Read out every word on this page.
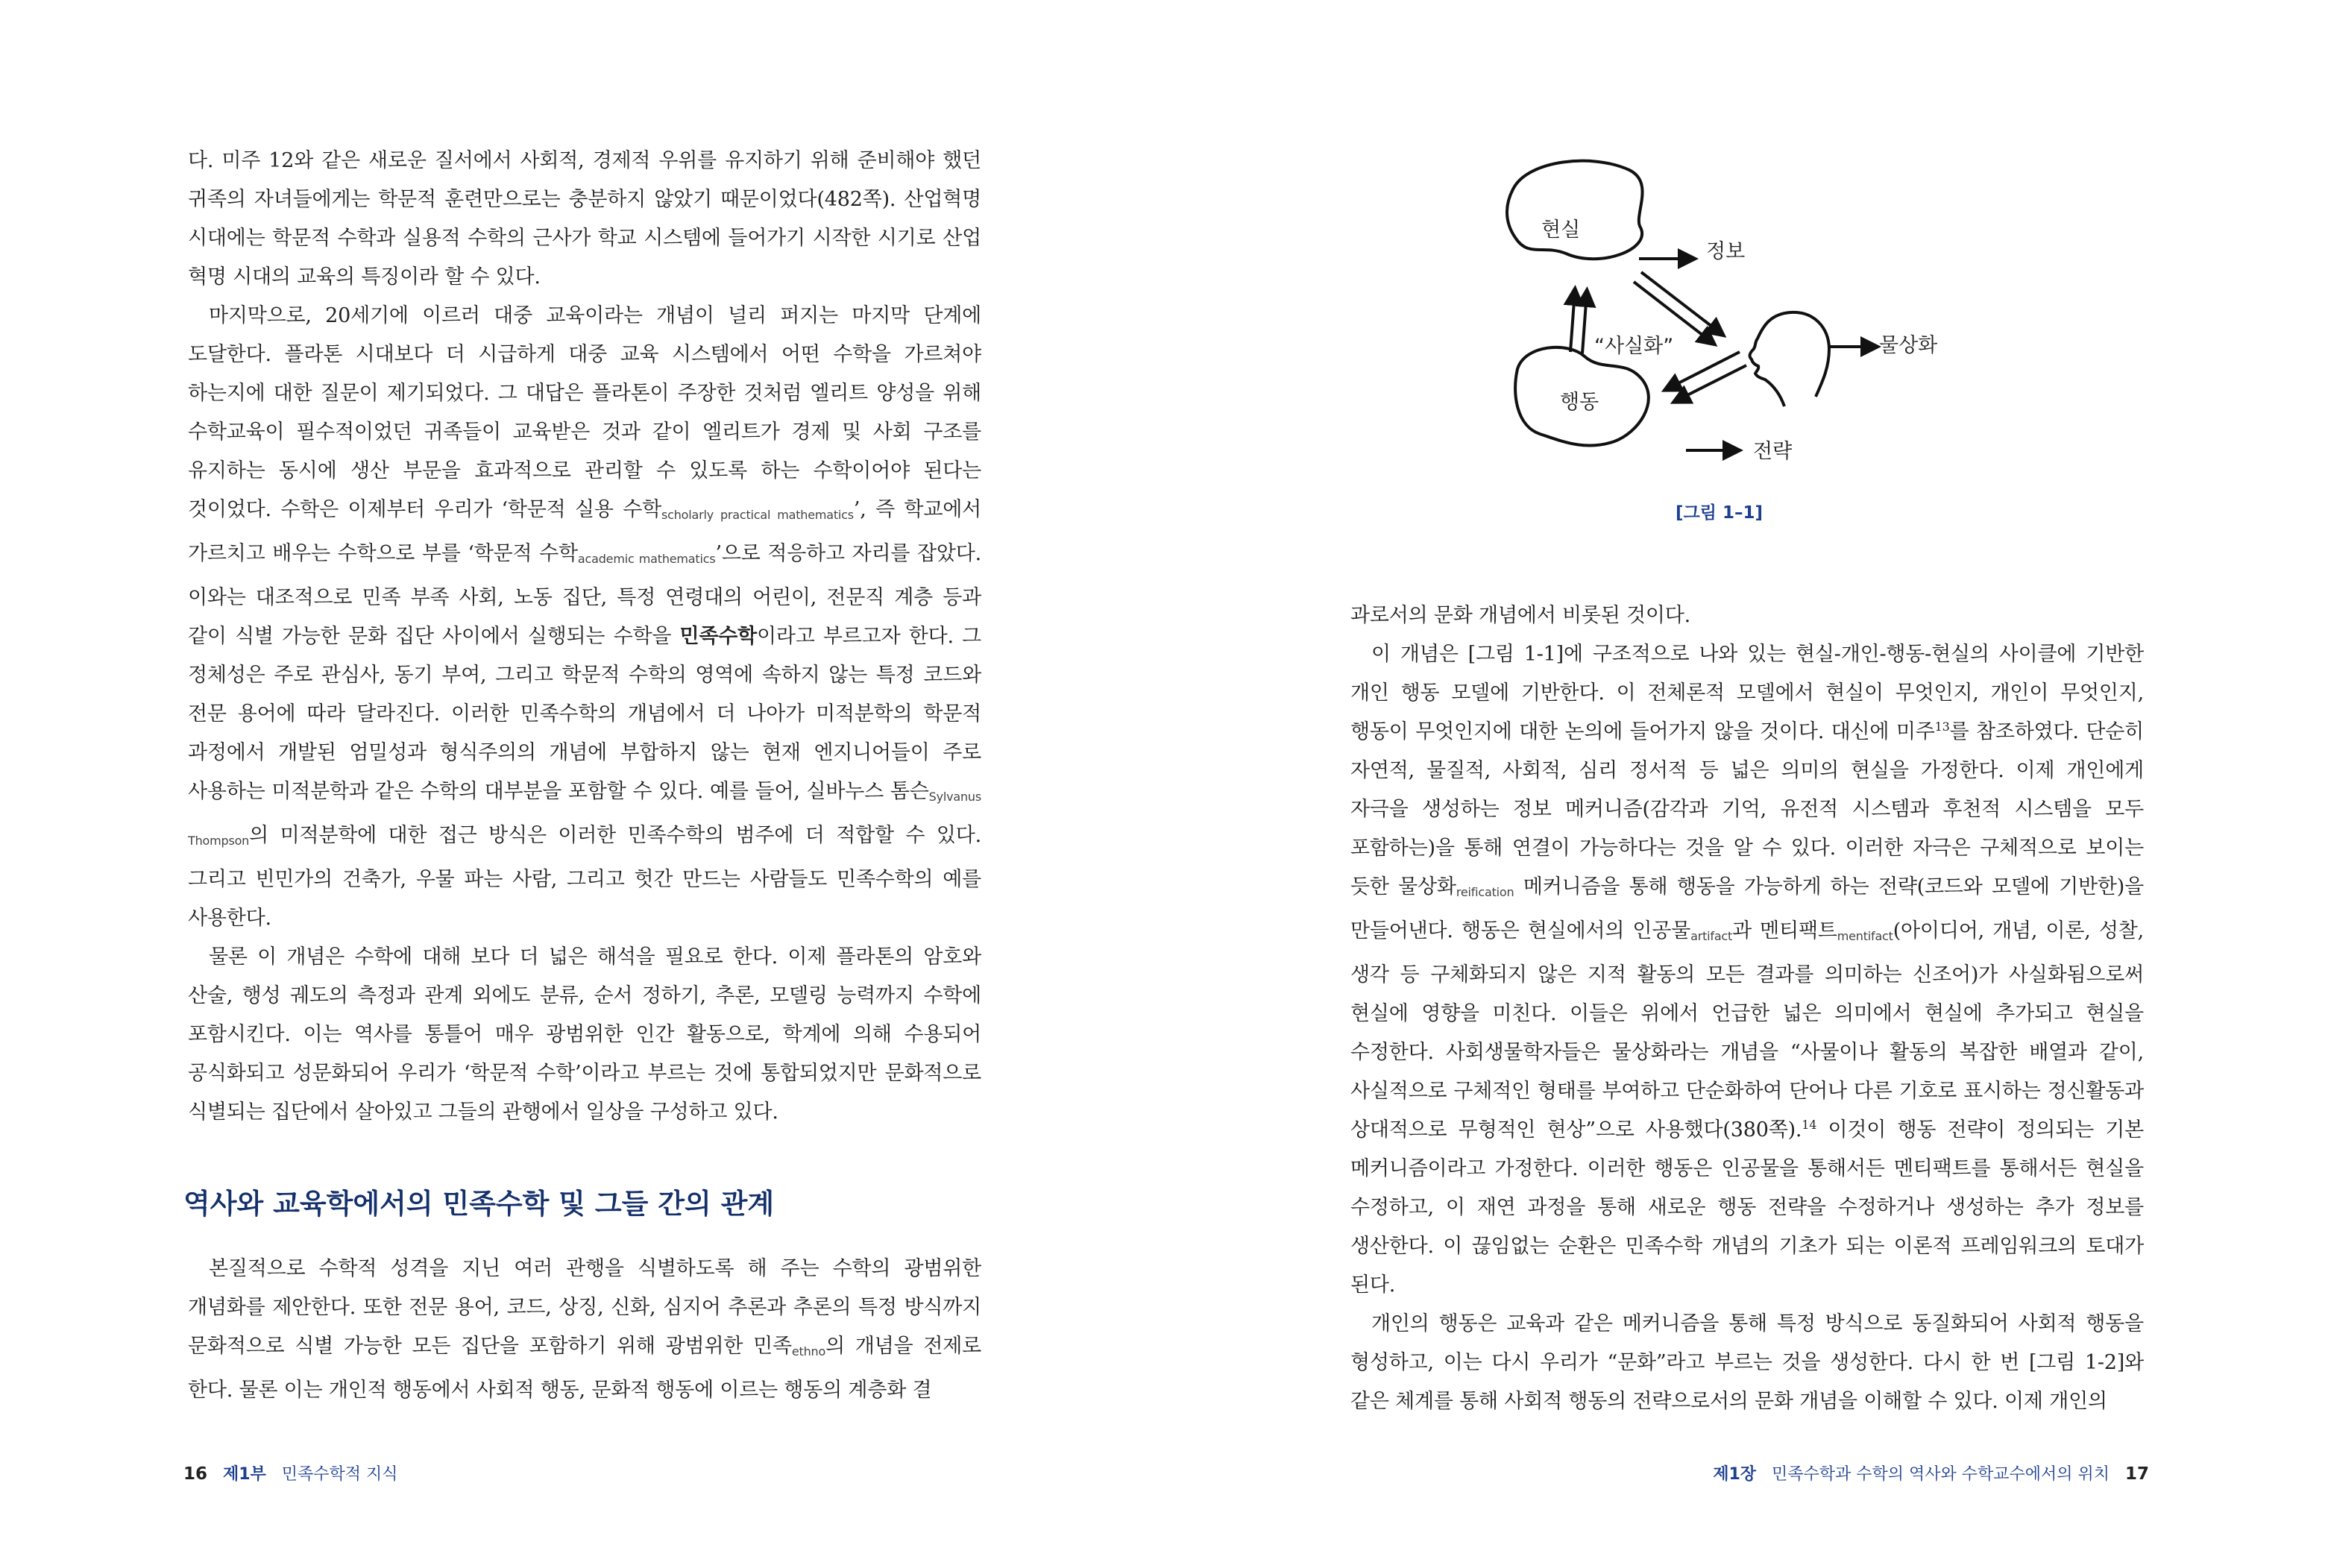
다. 미주 12와 같은 새로운 질서에서 사회적, 경제적 우위를 유지하기 위해 준비해야 했던 귀족의 자녀들에게는 학문적 훈련만으로는 충분하지 않았기 때문이었다(482쪽). 산업혁명 시대에는 학문적 수학과 실용적 수학의 근사가 학교 시스템에 들어가기 시작한 시기로 산업 혁명 시대의 교육의 특징이라 할 수 있다.

마지막으로, 20세기에 이르러 대중 교육이라는 개념이 널리 퍼지는 마지막 단계에 도달한다. 플라톤 시대보다 더 시급하게 대중 교육 시스템에서 어떤 수학을 가르쳐야 하는지에 대한 질문이 제기되었다. 그 대답은 플라톤이 주장한 것처럼 엘리트 양성을 위해 수학교육이 필수적이었던 귀족들이 교육받은 것과 같이 엘리트가 경제 및 사회 구조를 유지하는 동시에 생산 부문을 효과적으로 관리할 수 있도록 하는 수학이어야 된다는 것이었다. 수학은 이제부터 우리가 ‘학문적 실용 수학$_{scholarly practical mathematics}$’, 즉 학교에서 가르치고 배우는 수학으로 부를 ‘학문적 수학$_{academic mathematics}$’으로 적응하고 자리를 잡았다. 이와는 대조적으로 민족 부족 사회, 노동 집단, 특정 연령대의 어린이, 전문직 계층 등과 같이 식별 가능한 문화 집단 사이에서 실행되는 수학을 민족수학이라고 부르고자 한다. 그 정체성은 주로 관심사, 동기 부여, 그리고 학문적 수학의 영역에 속하지 않는 특정 코드와 전문 용어에 따라 달라진다. 이러한 민족수학의 개념에서 더 나아가 미적분학의 학문적 과정에서 개발된 엄밀성과 형식주의의 개념에 부합하지 않는 현재 엔지니어들이 주로 사용하는 미적분학과 같은 수학의 대부분을 포함할 수 있다. 예를 들어, 실바누스 톰슨$_{Sylvanus Thompson}$의 미적분학에 대한 접근 방식은 이러한 민족수학의 범주에 더 적합할 수 있다. 그리고 빈민가의 건축가, 우물 파는 사람, 그리고 헛간 만드는 사람들도 민족수학의 예를 사용한다.

물론 이 개념은 수학에 대해 보다 더 넓은 해석을 필요로 한다. 이제 플라톤의 암호와 산술, 행성 궤도의 측정과 관계 외에도 분류, 순서 정하기, 추론, 모델링 능력까지 수학에 포함시킨다. 이는 역사를 통틀어 매우 광범위한 인간 활동으로, 학계에 의해 수용되어 공식화되고 성문화되어 우리가 ‘학문적 수학’이라고 부르는 것에 통합되었지만 문화적으로 식별되는 집단에서 살아있고 그들의 관행에서 일상을 구성하고 있다.

역사와 교육학에서의 민족수학 및 그들 간의 관계

본질적으로 수학적 성격을 지닌 여러 관행을 식별하도록 해 주는 수학의 광범위한 개념화를 제안한다. 또한 전문 용어, 코드, 상징, 신화, 심지어 추론과 추론의 특정 방식까지 문화적으로 식별 가능한 모든 집단을 포함하기 위해 광범위한 민족$_{ethno}$의 개념을 전제로 한다. 물론 이는 개인적 행동에서 사회적 행동, 문화적 행동에 이르는 행동의 계층화 결

16 제1부 민족수학적 지식
현실
정보
“사실화”	물상화
행동
전략
[그림 1–1]

과로서의 문화 개념에서 비롯된 것이다.

이 개념은 [그림 1-1]에 구조적으로 나와 있는 현실-개인-행동-현실의 사이클에 기반한 개인 행동 모델에 기반한다. 이 전체론적 모델에서 현실이 무엇인지, 개인이 무엇인지, 행동이 무엇인지에 대한 논의에 들어가지 않을 것이다. 대신에 미주$^{13}$를 참조하였다. 단순히 자연적, 물질적, 사회적, 심리 정서적 등 넓은 의미의 현실을 가정한다. 이제 개인에게 자극을 생성하는 정보 메커니즘(감각과 기억, 유전적 시스템과 후천적 시스템을 모두 포함하는)을 통해 연결이 가능하다는 것을 알 수 있다. 이러한 자극은 구체적으로 보이는 듯한 물상화$_{reification}$ 메커니즘을 통해 행동을 가능하게 하는 전략(코드와 모델에 기반한)을 만들어낸다. 행동은 현실에서의 인공물$_{artifact}$과 멘티팩트$_{mentifact}$(아이디어, 개념, 이론, 성찰, 생각 등 구체화되지 않은 지적 활동의 모든 결과를 의미하는 신조어)가 사실화됨으로써 현실에 영향을 미친다. 이들은 위에서 언급한 넓은 의미에서 현실에 추가되고 현실을 수정한다. 사회생물학자들은 물상화라는 개념을 “사물이나 활동의 복잡한 배열과 같이, 사실적으로 구체적인 형태를 부여하고 단순화하여 단어나 다른 기호로 표시하는 정신활동과 상대적으로 무형적인 현상”으로 사용했다(380쪽).$^{14}$ 이것이 행동 전략이 정의되는 기본 메커니즘이라고 가정한다. 이러한 행동은 인공물을 통해서든 멘티팩트를 통해서든 현실을 수정하고, 이 재연 과정을 통해 새로운 행동 전략을 수정하거나 생성하는 추가 정보를 생산한다. 이 끊임없는 순환은 민족수학 개념의 기초가 되는 이론적 프레임워크의 토대가 된다.

개인의 행동은 교육과 같은 메커니즘을 통해 특정 방식으로 동질화되어 사회적 행동을 형성하고, 이는 다시 우리가 “문화”라고 부르는 것을 생성한다. 다시 한 번 [그림 1-2]와 같은 체계를 통해 사회적 행동의 전략으로서의 문화 개념을 이해할 수 있다. 이제 개인의

제1장 민족수학과 수학의 역사와 수학교수에서의 위치 17
